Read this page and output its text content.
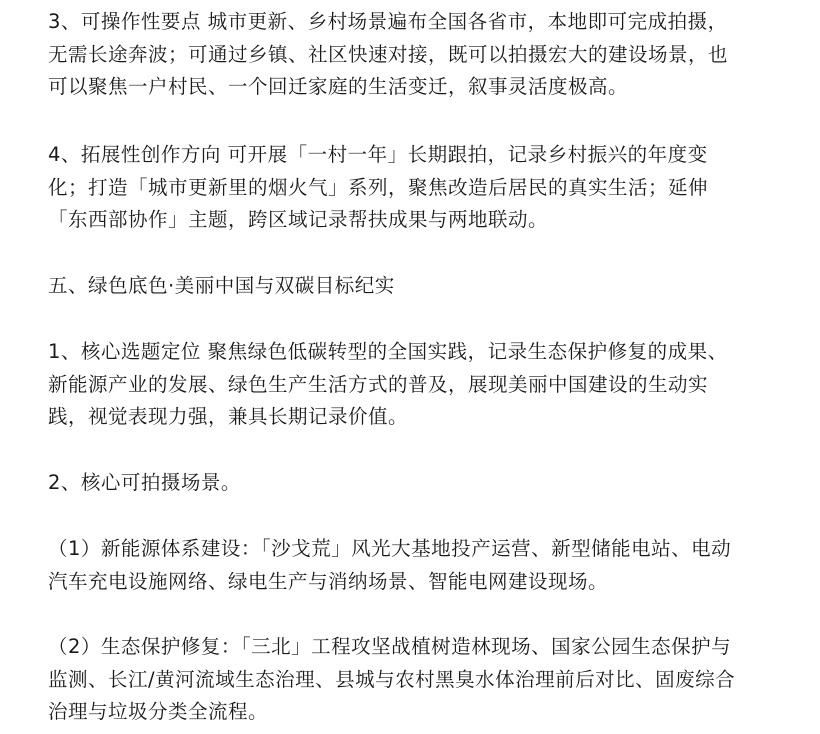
3、可操作性要点 城市更新、乡村场景遍布全国各省市，本地即可完成拍摄，
无需长途奔波；可通过乡镇、社区快速对接，既可以拍摄宏大的建设场景，也
可以聚焦一户村民、一个回迁家庭的生活变迁，叙事灵活度极高。
4、拓展性创作方向 可开展「一村一年」长期跟拍，记录乡村振兴的年度变
化；打造「城市更新里的烟火气」系列，聚焦改造后居民的真实生活；延伸
「东西部协作」主题，跨区域记录帮扶成果与两地联动。
五、绿色底色·美丽中国与双碳目标纪实
1、核心选题定位 聚焦绿色低碳转型的全国实践，记录生态保护修复的成果、
新能源产业的发展、绿色生产生活方式的普及，展现美丽中国建设的生动实
践，视觉表现力强，兼具长期记录价值。
2、核心可拍摄场景。
（1）新能源体系建设：「沙戈荒」风光大基地投产运营、新型储能电站、电动
汽车充电设施网络、绿电生产与消纳场景、智能电网建设现场。
（2）生态保护修复：「三北」工程攻坚战植树造林现场、国家公园生态保护与
监测、长江/黄河流域生态治理、县城与农村黑臭水体治理前后对比、固废综合
治理与垃圾分类全流程。
